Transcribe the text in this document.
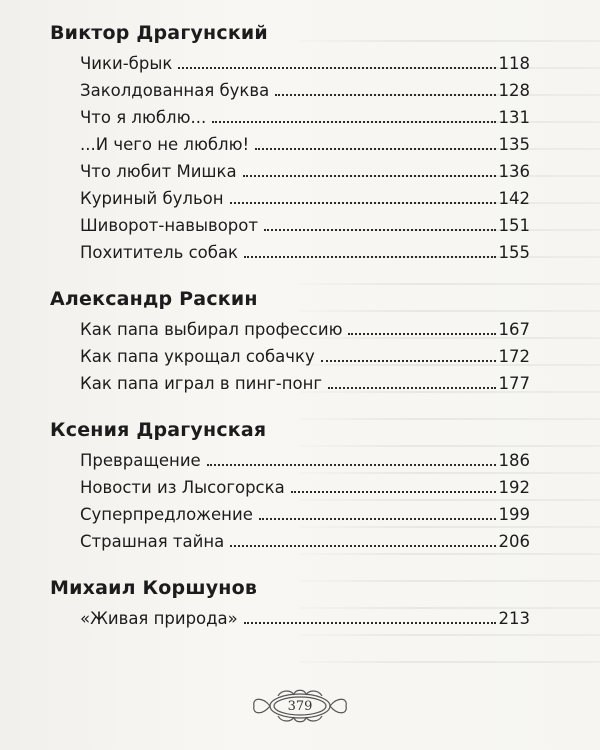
Виктор Драгунский
Чики-брык	118
Заколдованная буква	128
Что я люблю...	131
...И чего не люблю!	135
Что любит Мишка	136
Куриный бульон	142
Шиворот-навыворот	151
Похититель собак	155
Александр Раскин
Как папа выбирал профессию	167
Как папа укрощал собачку	172
Как папа играл в пинг-понг	177
Ксения Драгунская
Превращение	186
Новости из Лысогорска	192
Суперпредложение	199
Страшная тайна	206
Михаил Коршунов
«Живая природа»	213
379
